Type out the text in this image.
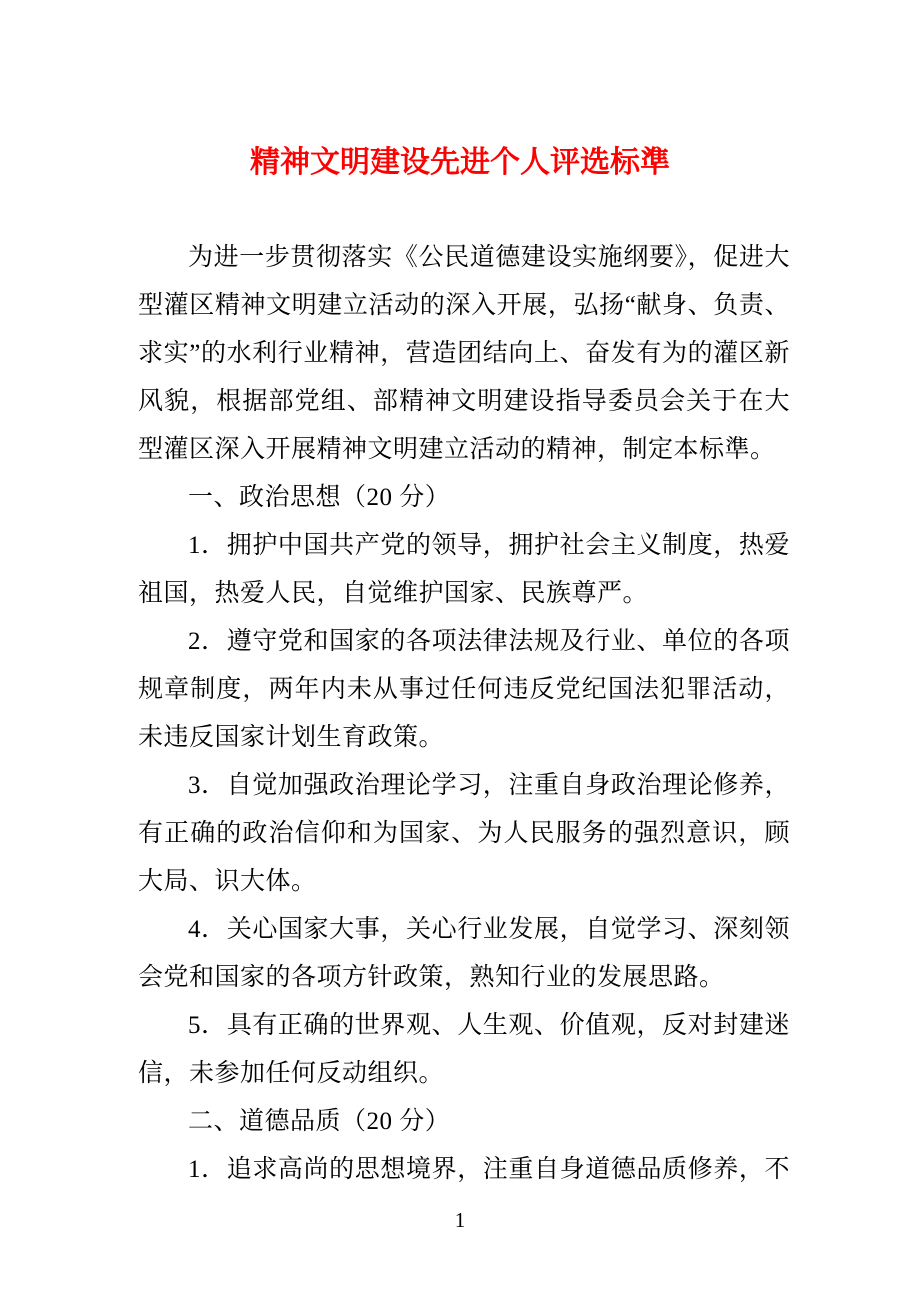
精神文明建设先进个人评选标準

为进一步贯彻落实《公民道德建设实施纲要》，促进大型灌区精神文明建立活动的深入开展，弘扬“献身、负责、求实”的水利行业精神，营造团结向上、奋发有为的灌区新风貌，根据部党组、部精神文明建设指导委员会关于在大型灌区深入开展精神文明建立活动的精神，制定本标準。

一、政治思想（20 分）

1．拥护中国共产党的领导，拥护社会主义制度，热爱祖国，热爱人民，自觉维护国家、民族尊严。

2．遵守党和国家的各项法律法规及行业、单位的各项规章制度，两年内未从事过任何违反党纪国法犯罪活动，未违反国家计划生育政策。

3．自觉加强政治理论学习，注重自身政治理论修养，有正确的政治信仰和为国家、为人民服务的强烈意识，顾大局、识大体。

4．关心国家大事，关心行业发展，自觉学习、深刻领会党和国家的各项方针政策，熟知行业的发展思路。

5．具有正确的世界观、人生观、价值观，反对封建迷信，未参加任何反动组织。

二、道德品质（20 分）

1．追求高尚的思想境界，注重自身道德品质修养，不

1
